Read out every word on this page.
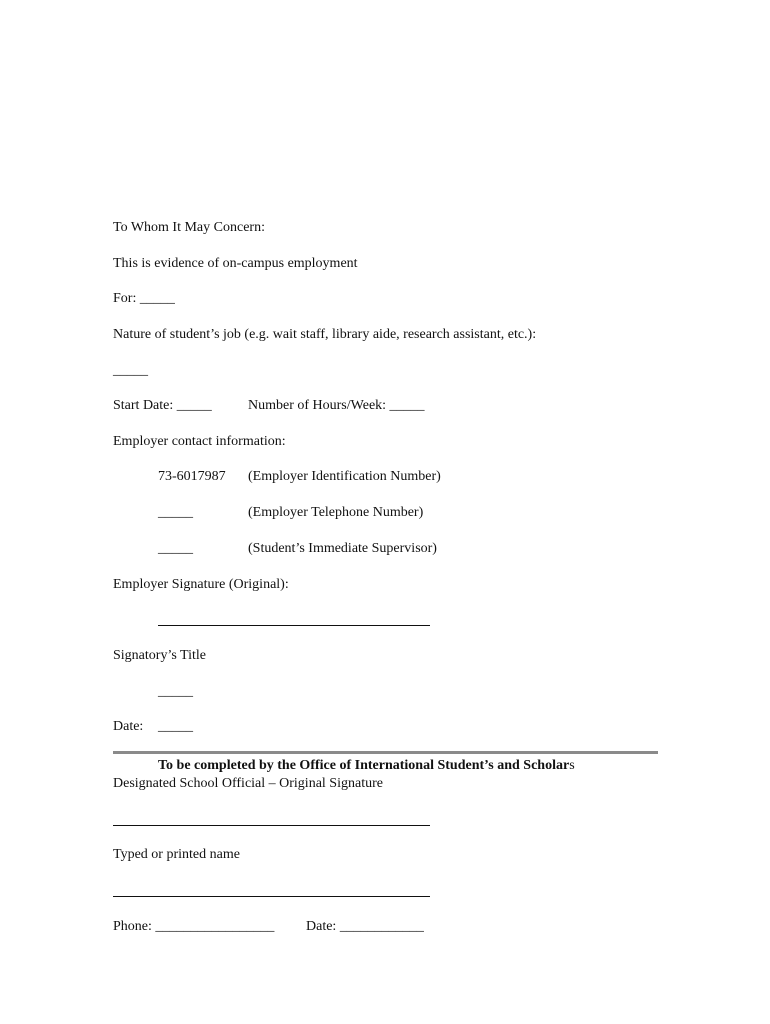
To Whom It May Concern:
This is evidence of on-campus employment
For: _____
Nature of student’s job (e.g. wait staff, library aide, research assistant, etc.):
_____
Start Date: _____	Number of Hours/Week: _____
Employer contact information:
73-6017987 (Employer Identification Number)
_____	(Employer Telephone Number)
_____	(Student’s Immediate Supervisor)
Employer Signature (Original):
Signatory’s Title
_____
Date: _____
To be completed by the Office of International Student’s and Scholars
Designated School Official – Original Signature
Typed or printed name
Phone: _________________ Date: ____________
